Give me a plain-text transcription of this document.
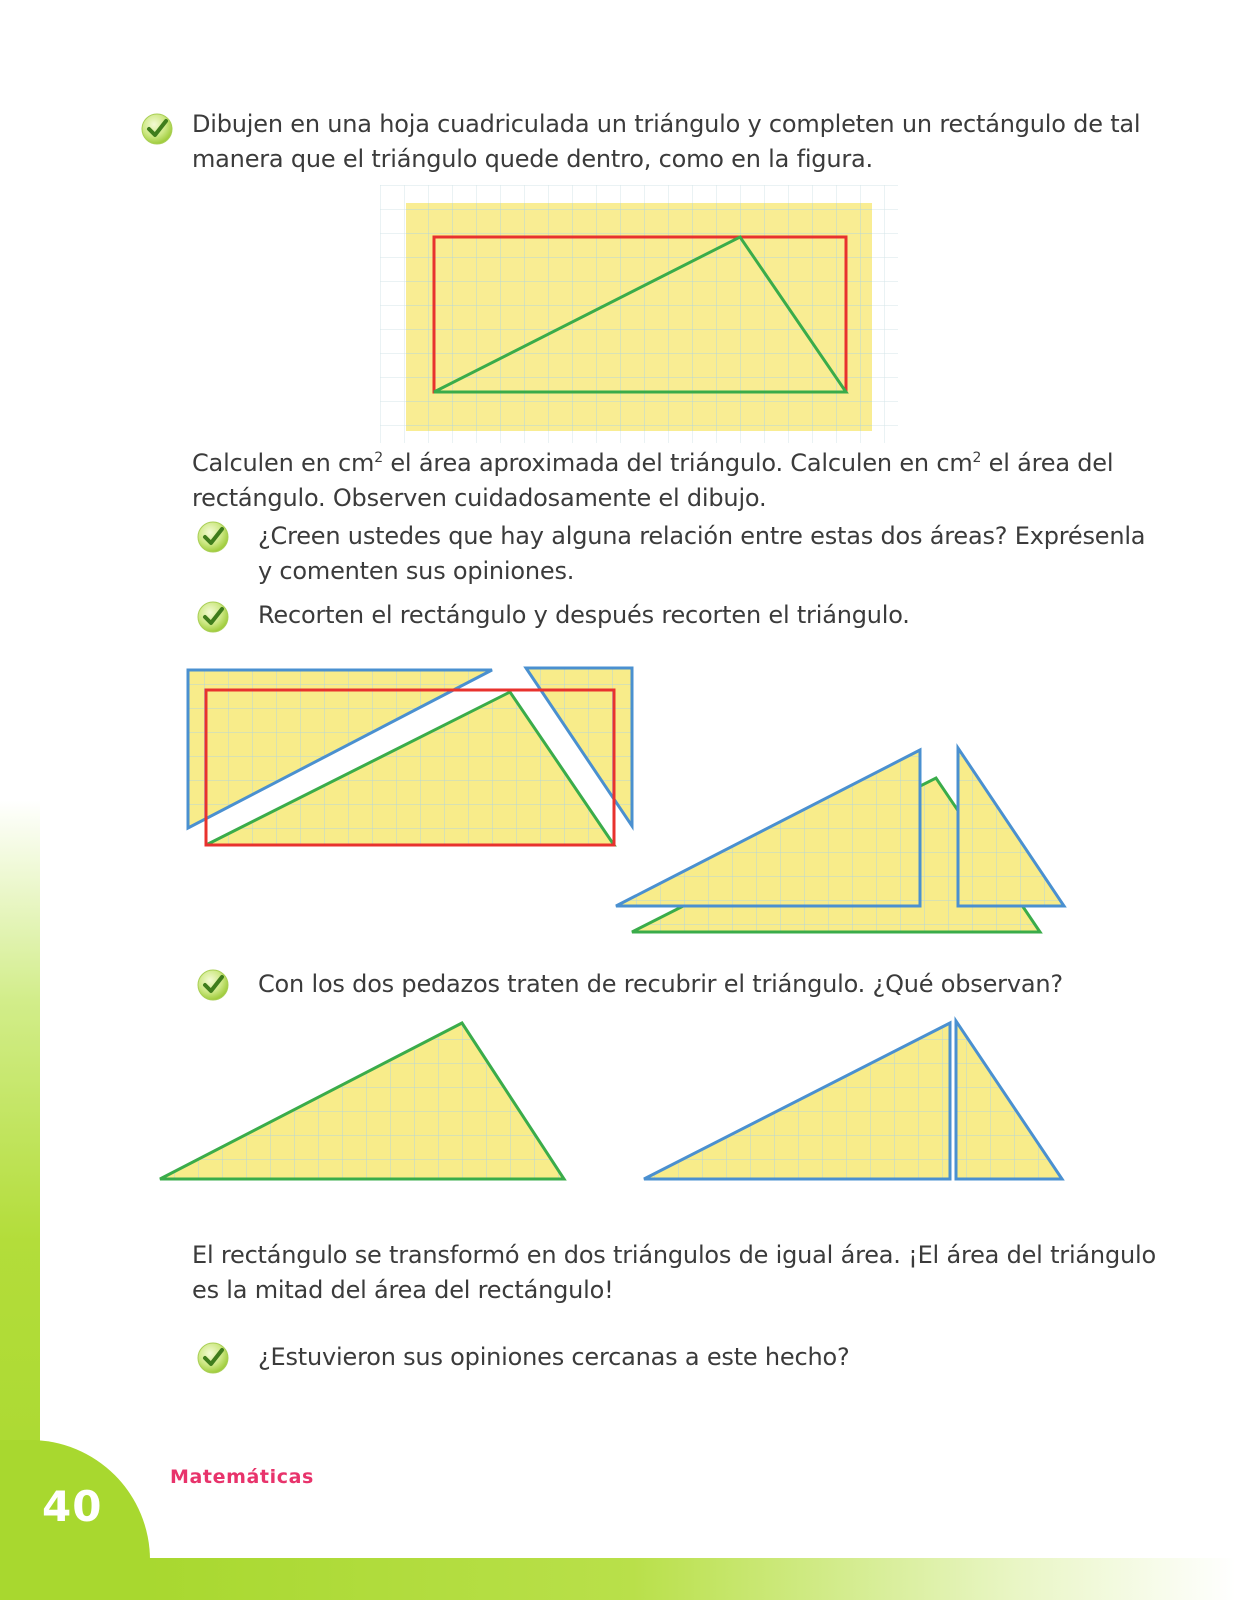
40
Matemáticas
Dibujen en una hoja cuadriculada un triángulo y completen un rectángulo de tal
manera que el triángulo quede dentro, como en la figura.
Calculen en $cm^2$ el área aproximada del triángulo. Calculen en $cm^2$ el área del
rectángulo. Observen cuidadosamente el dibujo.
¿Creen ustedes que hay alguna relación entre estas dos áreas? Exprésenla
y comenten sus opiniones.
Recorten el rectángulo y después recorten el triángulo.
Con los dos pedazos traten de recubrir el triángulo. ¿Qué observan?
El rectángulo se transformó en dos triángulos de igual área. ¡El área del triángulo
es la mitad del área del rectángulo!
¿Estuvieron sus opiniones cercanas a este hecho?
